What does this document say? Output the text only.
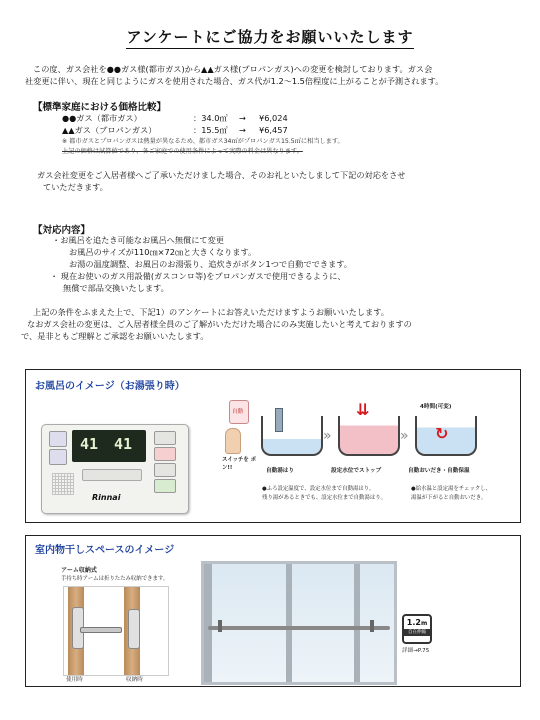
アンケートにご協力をお願いいたします
この度、ガス会社を●●ガス様(都市ガス)から▲▲ガス様(プロパンガス)への変更を検討しております。ガス会
社変更に伴い、現在と同じようにガスを使用された場合、ガス代が1.2～1.5倍程度に上がることが予測されます。
【標準家庭における価格比較】
●●ガス（都市ガス）	：34.0㎥ → ¥6,024
▲▲ガス（プロパンガス）	：15.5㎥ → ¥6,457
※ 都市ガスとプロパンガスは熱量が異なるため、都市ガス34㎥がプロパンガス15.5㎥に相当します。
上記の価格は試算値であり、各ご家庭での使用条件によって実際の料金は異なります。
ガス会社変更をご入居者様へご了承いただけました場合、そのお礼といたしまして下記の対応をさせ
ていただきます。
【対応内容】
・お風呂を追たき可能なお風呂へ無償にて変更
お風呂のサイズが110㎝×72㎝と大きくなります。
お湯の温度調整、お風呂のお湯張り、追炊きがボタン1つで自動でできます。
・ 現在お使いのガス用設備(ガスコンロ等)をプロパンガスで使用できるように、
無償で部品交換いたします。
上記の条件をふまえた上で、下記1）のアンケートにお答えいただけますようお願いいたします。
なおガス会社の変更は、ご入居者様全員のご了解がいただけた場合にのみ実施したいと考えておりますの
で、是非ともご理解とご承認をお願いいたします。
お風呂のイメージ（お湯張り時）
41 41
Rinnai
自動
スイッチを ポン!!	自動湯はり
»
⇊
設定水位でストップ
»
4時間(可変)
↻
自動おいだき・自動保温
●ふろ設定温度で、設定水位まで自動湯はり。
残り湯があるときでも、設定水位まで自動湯はり。
●給水温と設定湯をチェックし、
湯温が下がると自動おいだき。
室内物干しスペースのイメージ
アーム収納式
手持ち時アームは折りたたみ収納できます。
使用時	収納時
1.2m
自在伸縮
詳細→P.75
